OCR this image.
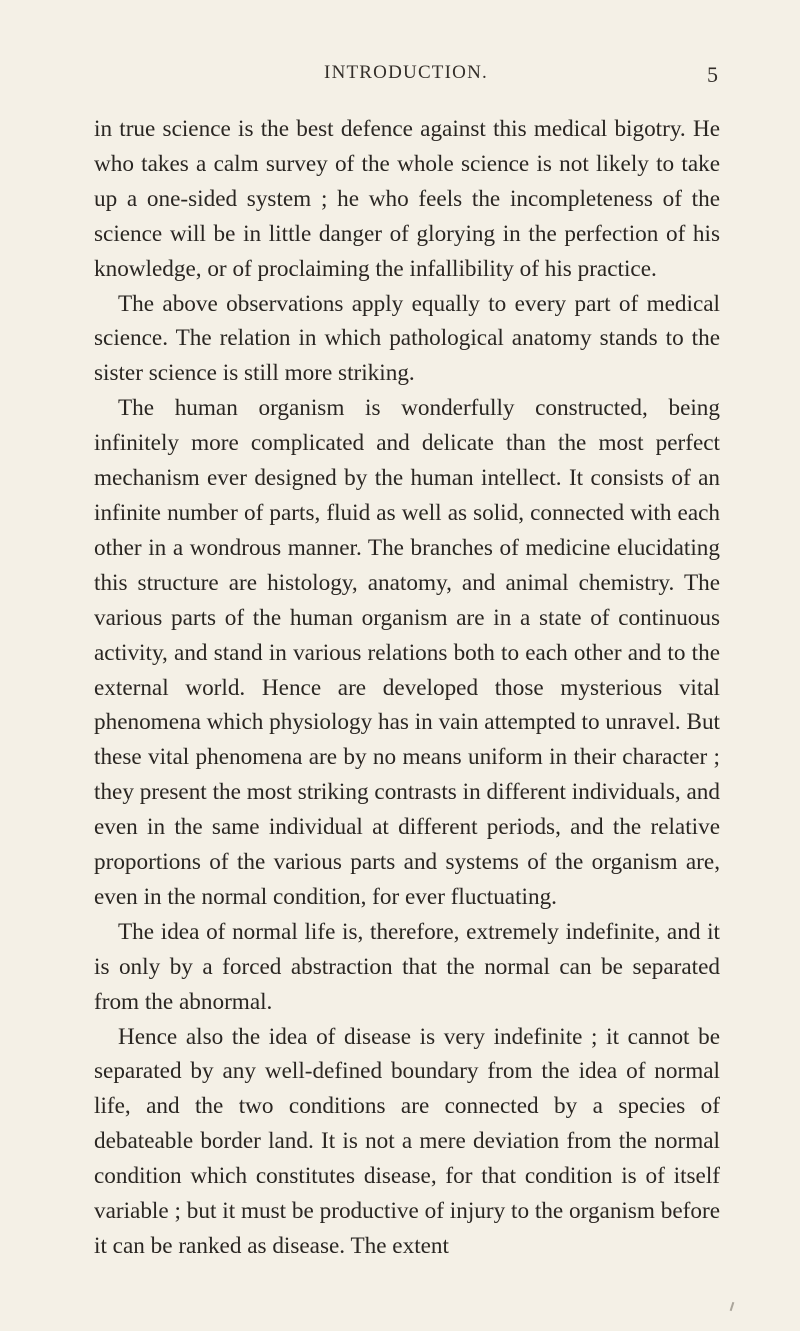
INTRODUCTION.	5

in true science is the best defence against this medical bigotry. He who takes a calm survey of the whole science is not likely to take up a one-sided system ; he who feels the incompleteness of the science will be in little danger of glorying in the perfection of his knowledge, or of proclaiming the infallibility of his practice.

The above observations apply equally to every part of medical science. The relation in which pathological anatomy stands to the sister science is still more striking.

The human organism is wonderfully constructed, being infinitely more complicated and delicate than the most perfect mechanism ever designed by the human intellect. It consists of an infinite number of parts, fluid as well as solid, connected with each other in a wondrous manner. The branches of medicine elucidating this structure are histology, anatomy, and animal chemistry. The various parts of the human organism are in a state of continuous activity, and stand in various relations both to each other and to the external world. Hence are developed those mysterious vital phenomena which physiology has in vain attempted to unravel. But these vital phenomena are by no means uniform in their character ; they present the most striking contrasts in different individuals, and even in the same individual at different periods, and the relative proportions of the various parts and systems of the organism are, even in the normal condition, for ever fluctuating.

The idea of normal life is, therefore, extremely indefinite, and it is only by a forced abstraction that the normal can be separated from the abnormal.

Hence also the idea of disease is very indefinite ; it cannot be separated by any well-defined boundary from the idea of normal life, and the two conditions are connected by a species of debateable border land. It is not a mere deviation from the normal condition which constitutes disease, for that condition is of itself variable ; but it must be productive of injury to the organism before it can be ranked as disease. The extent
